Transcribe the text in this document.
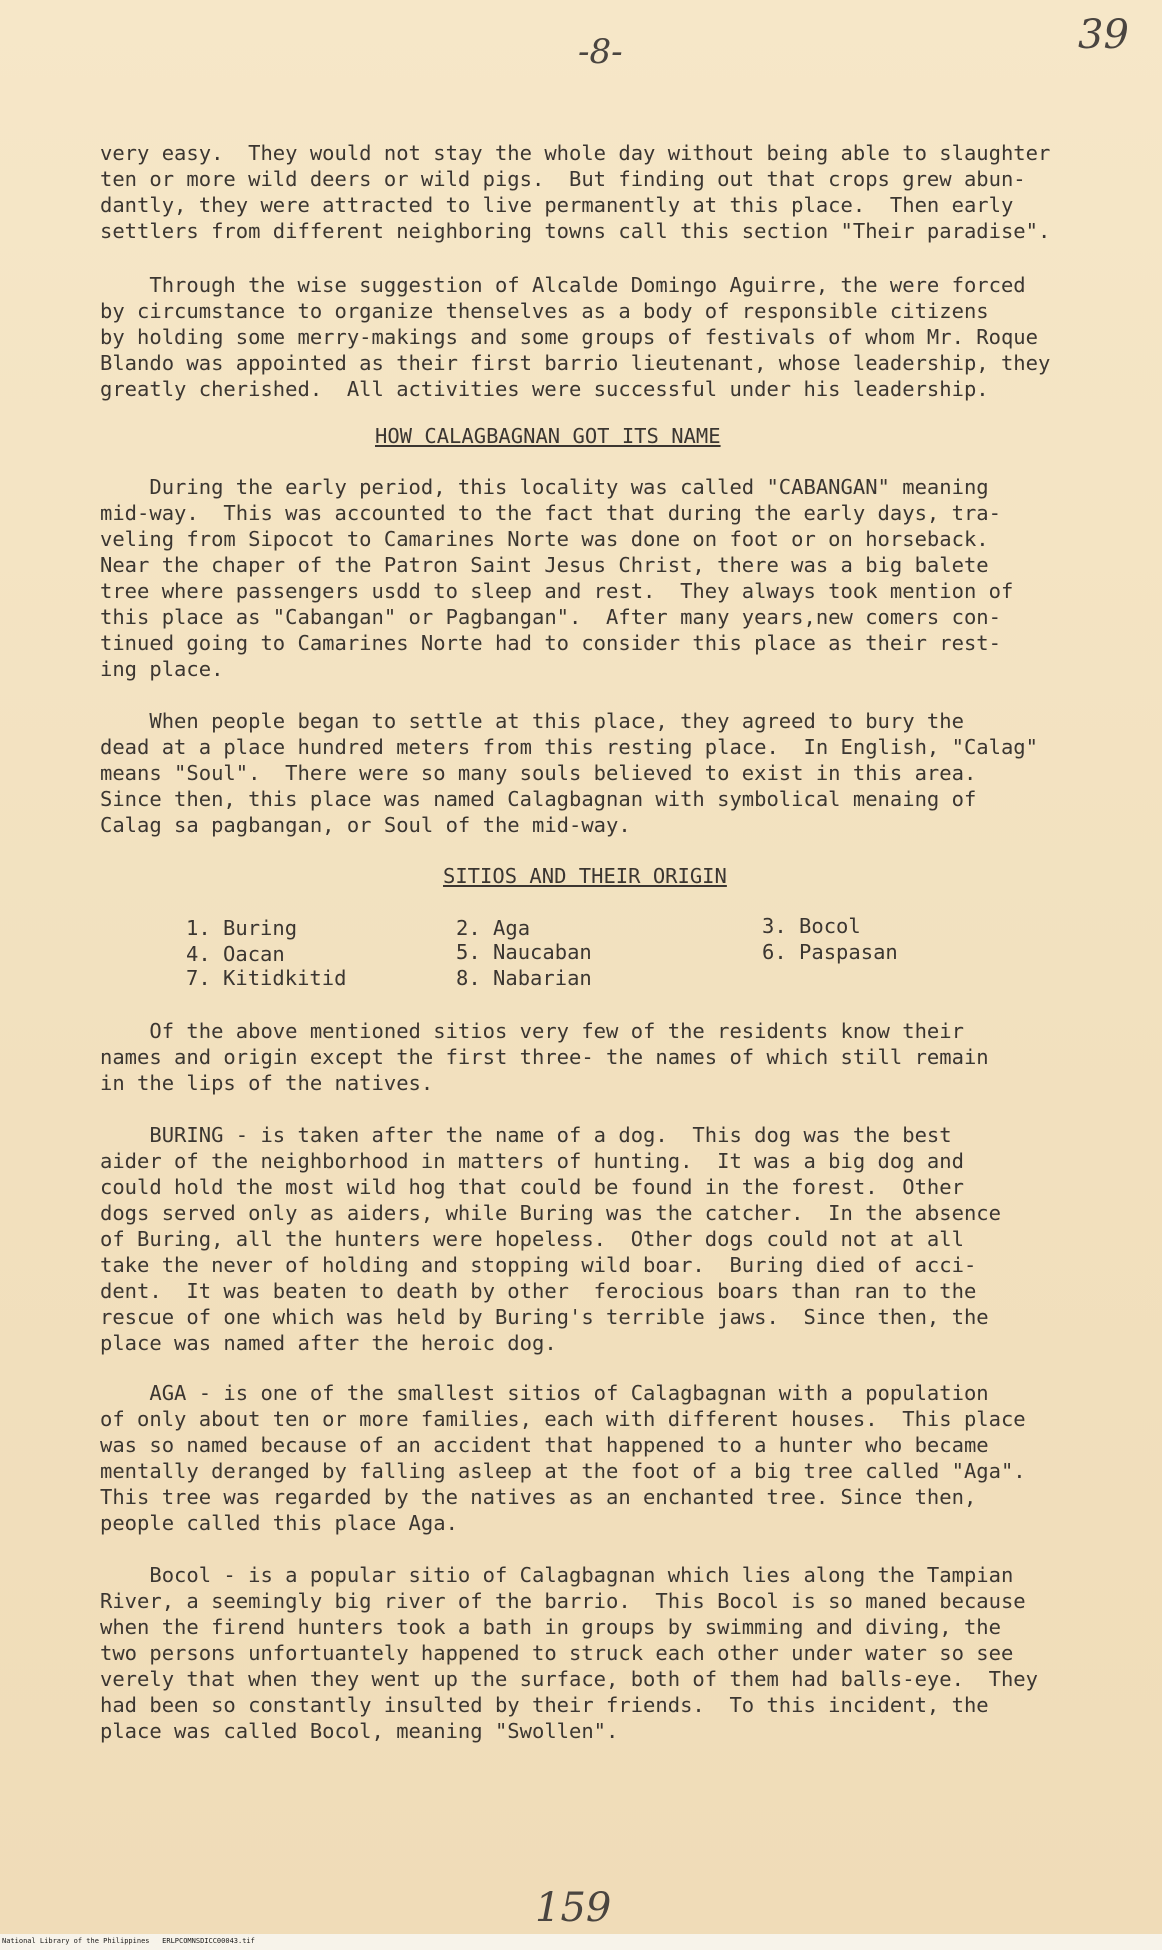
-8-	39
very easy.  They would not stay the whole day without being able to slaughter
ten or more wild deers or wild pigs.  But finding out that crops grew abun-
dantly, they were attracted to live permanently at this place.  Then early
settlers from different neighboring towns call this section "Their paradise".
Through the wise suggestion of Alcalde Domingo Aguirre, the were forced
by circumstance to organize thenselves as a body of responsible citizens
by holding some merry-makings and some groups of festivals of whom Mr. Roque
Blando was appointed as their first barrio lieutenant, whose leadership, they
greatly cherished.  All activities were successful under his leadership.
HOW CALAGBAGNAN GOT ITS NAME
During the early period, this locality was called "CABANGAN" meaning
mid-way.  This was accounted to the fact that during the early days, tra-
veling from Sipocot to Camarines Norte was done on foot or on horseback.
Near the chaper of the Patron Saint Jesus Christ, there was a big balete
tree where passengers usdd to sleep and rest.  They always took mention of
this place as "Cabangan" or Pagbangan".  After many years,new comers con-
tinued going to Camarines Norte had to consider this place as their rest-
ing place.
When people began to settle at this place, they agreed to bury the
dead at a place hundred meters from this resting place.  In English, "Calag"
means "Soul".  There were so many souls believed to exist in this area.
Since then, this place was named Calagbagnan with symbolical menaing of
Calag sa pagbangan, or Soul of the mid-way.
SITIOS AND THEIR ORIGIN
1. Buring	2. Aga	3. Bocol
4. Oacan	5. Naucaban	6. Paspasan
7. Kitidkitid	8. Nabarian
Of the above mentioned sitios very few of the residents know their
names and origin except the first three- the names of which still remain
in the lips of the natives.
BURING - is taken after the name of a dog.  This dog was the best
aider of the neighborhood in matters of hunting.  It was a big dog and
could hold the most wild hog that could be found in the forest.  Other
dogs served only as aiders, while Buring was the catcher.  In the absence
of Buring, all the hunters were hopeless.  Other dogs could not at all
take the never of holding and stopping wild boar.  Buring died of acci-
dent.  It was beaten to death by other  ferocious boars than ran to the
rescue of one which was held by Buring's terrible jaws.  Since then, the
place was named after the heroic dog.
AGA - is one of the smallest sitios of Calagbagnan with a population
of only about ten or more families, each with different houses.  This place
was so named because of an accident that happened to a hunter who became
mentally deranged by falling asleep at the foot of a big tree called "Aga".
This tree was regarded by the natives as an enchanted tree. Since then,
people called this place Aga.
Bocol - is a popular sitio of Calagbagnan which lies along the Tampian
River, a seemingly big river of the barrio.  This Bocol is so maned because
when the firend hunters took a bath in groups by swimming and diving, the
two persons unfortuantely happened to struck each other under water so see
verely that when they went up the surface, both of them had balls-eye.  They
had been so constantly insulted by their friends.  To this incident, the
place was called Bocol, meaning "Swollen".
159
National Library of the Philippines   ERLPCOMNSDICC00043.tif
